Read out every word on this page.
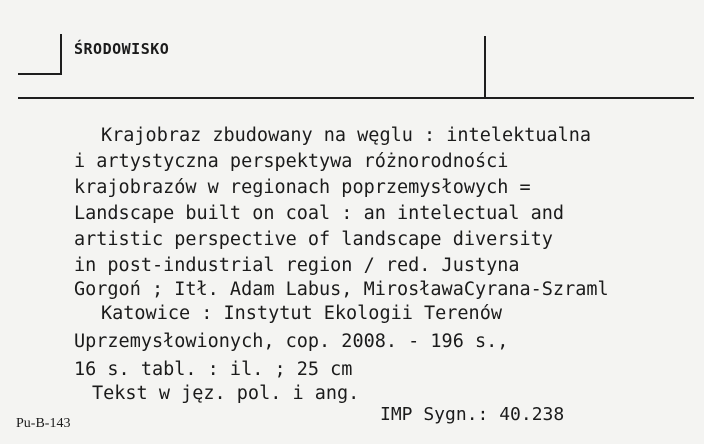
ŚRODOWISKO
Krajobraz zbudowany na węglu : intelektualna
i artystyczna perspektywa różnorodności
krajobrazów w regionach poprzemysłowych =
Landscape built on coal : an intelectual and
artistic perspective of landscape diversity
in post-industrial region / red. Justyna
Gorgoń ; Itł. Adam Labus, MirosławaCyrana-Szraml
Katowice : Instytut Ekologii Terenów
Uprzemysłowionych, cop. 2008. - 196 s.,
16 s. tabl. : il. ; 25 cm
Tekst w jęz. pol. i ang.
Pu-B-143	IMP Sygn.: 40.238
